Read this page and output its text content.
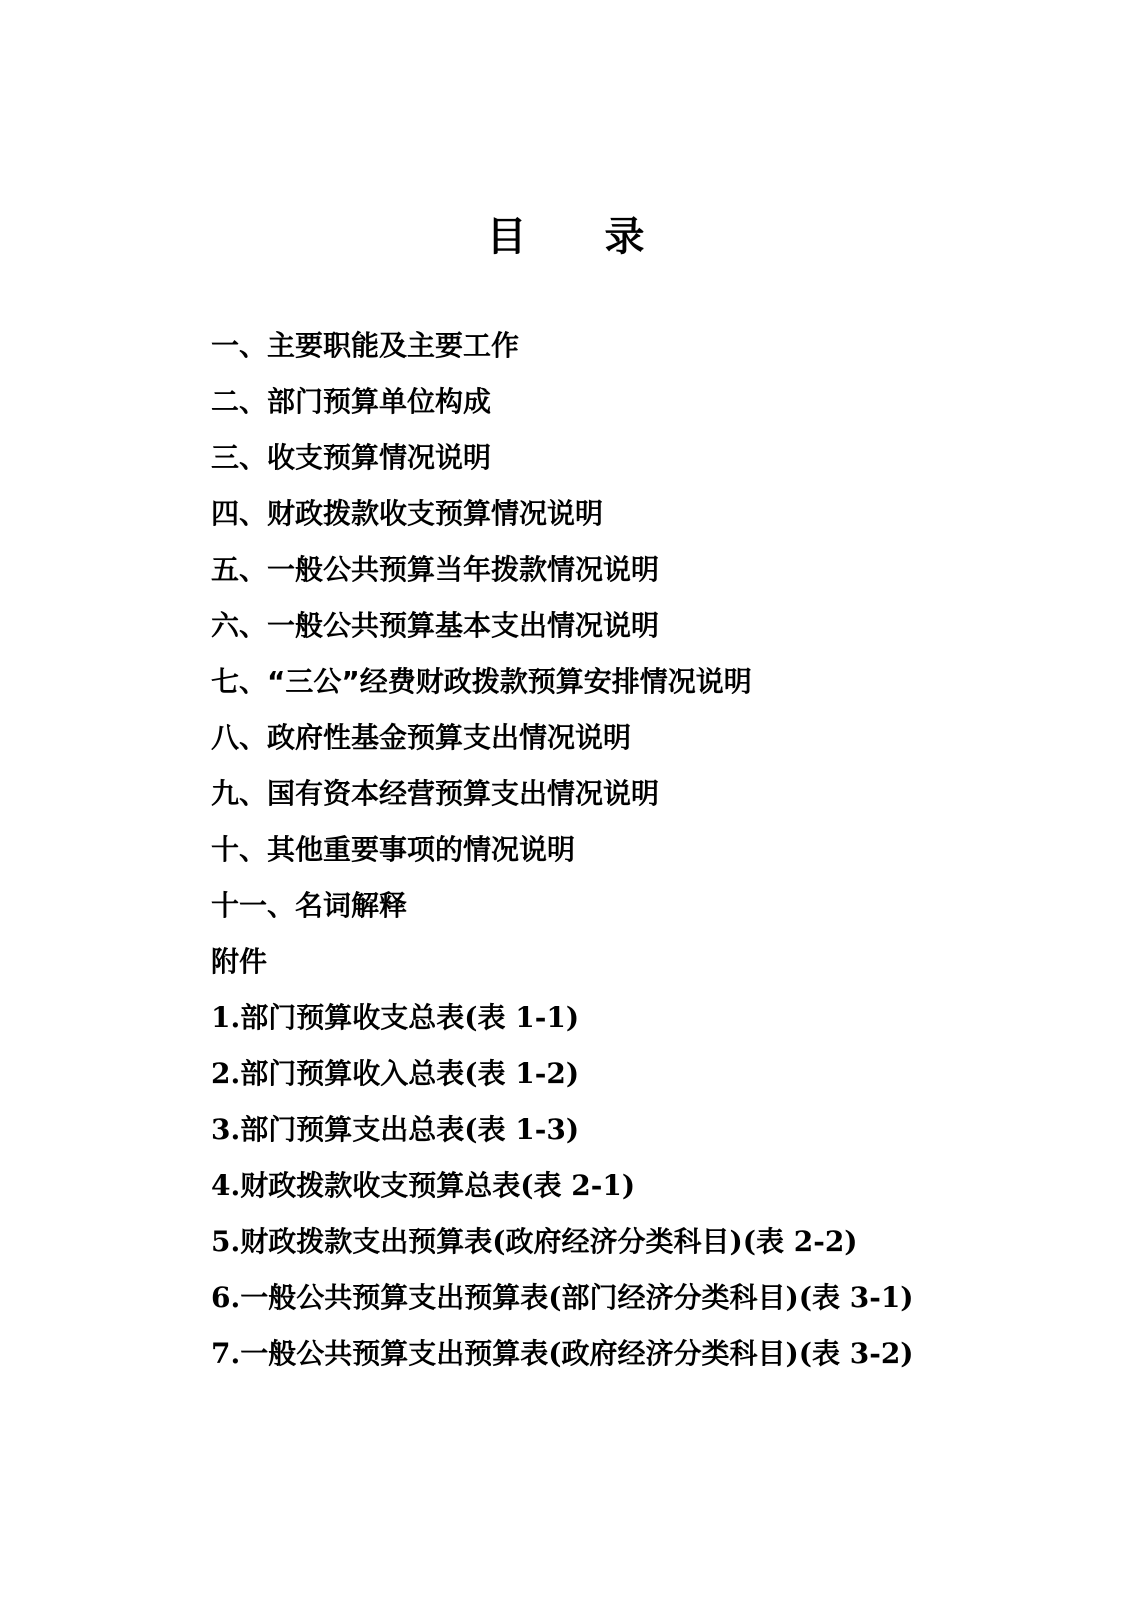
目 录
一、主要职能及主要工作
二、部门预算单位构成
三、收支预算情况说明
四、财政拨款收支预算情况说明
五、一般公共预算当年拨款情况说明
六、一般公共预算基本支出情况说明
七、“三公”经费财政拨款预算安排情况说明
八、政府性基金预算支出情况说明
九、国有资本经营预算支出情况说明
十、其他重要事项的情况说明
十一、名词解释
附件
1.部门预算收支总表(表 1-1)
2.部门预算收入总表(表 1-2)
3.部门预算支出总表(表 1-3)
4.财政拨款收支预算总表(表 2-1)
5.财政拨款支出预算表(政府经济分类科目)(表 2-2)
6.一般公共预算支出预算表(部门经济分类科目)(表 3-1)
7.一般公共预算支出预算表(政府经济分类科目)(表 3-2)
